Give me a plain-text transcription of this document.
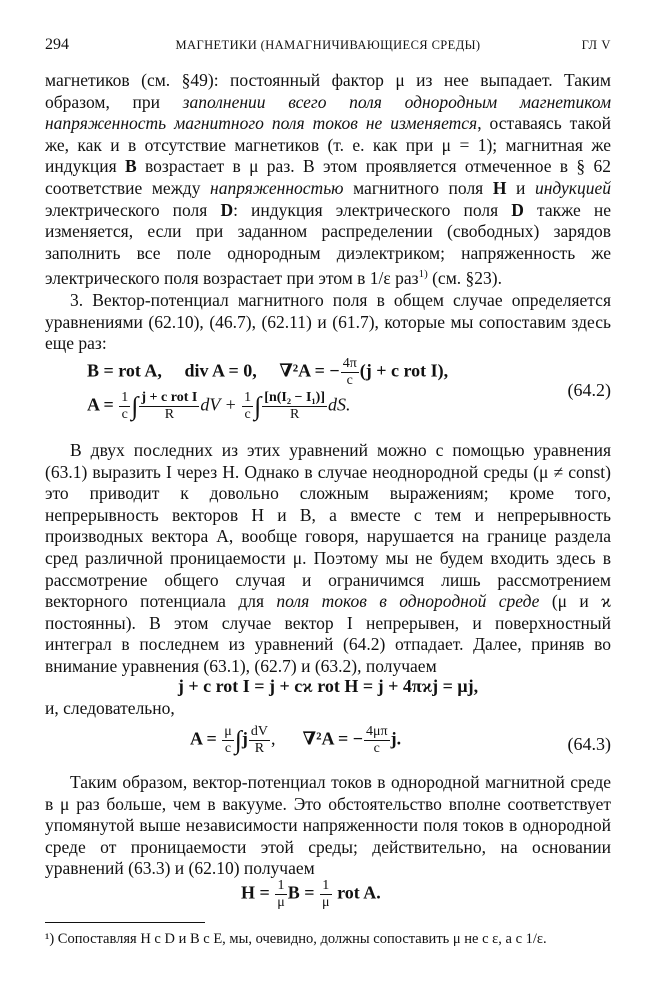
294	МАГНЕТИКИ (НАМАГНИЧИВАЮЩИЕСЯ СРЕДЫ)	ГЛ V

магнетиков (см. §49): постоянный фактор μ из нее выпадает. Таким образом, при заполнении всего поля однородным магнетиком напряженность магнитного поля токов не изменяется, оставаясь такой же, как и в отсутствие магнетиков (т. е. как при μ = 1); магнитная же индукция B возрастает в μ раз. В этом проявляется отмеченное в § 62 соответствие между напряженностью магнитного поля H и индукцией электрического поля D: индукция электрического поля D также не изменяется, если при заданном распределении (свободных) зарядов заполнить все поле однородным диэлектриком; напряженность же электрического поля возрастает при этом в 1/ε раз$^{1)}$ (см. §23).

3. Вектор-потенциал магнитного поля в общем случае определяется уравнениями (62.10), (46.7), (62.11) и (61.7), которые мы сопоставим здесь еще раз:

B = rot A, div A = 0, ∇²A = − $\frac{4\pi}{c} (j + c$ rot I),
$A = \frac{1}{c}$ ∫ $\frac{\text{j + c rot I}}{R}$ dV + $\frac{1}{c}$ ∫ $\frac{\text{[n(I₂ − I₁)]}}{R}$ dS.
(64.2)

В двух последних из этих уравнений можно с помощью уравнения (63.1) выразить I через H. Однако в случае неоднородной среды (μ ≠ const) это приводит к довольно сложным выражениям; кроме того, непрерывность векторов H и B, а вместе с тем и непрерывность производных вектора A, вообще говоря, нарушается на границе раздела сред различной проницаемости μ. Поэтому мы не будем входить здесь в рассмотрение общего случая и ограничимся лишь рассмотрением векторного потенциала для поля токов в однородной среде (μ и ϰ постоянны). В этом случае вектор I непрерывен, и поверхностный интеграл в последнем из уравнений (64.2) отпадает. Далее, приняв во внимание уравнения (63.1), (62.7) и (63.2), получаем

j + c rot I = j + cϰ rot H = j + 4πϰj = μj,

и, следовательно,

$A = \frac{\mu}{c} \int j \frac{dV}{R}$ , ∇²A = − $\frac{4\mu\pi}{c} j$.	(64.3)

Таким образом, вектор-потенциал токов в однородной магнитной среде в μ раз больше, чем в вакууме. Это обстоятельство вполне соответствует упомянутой выше независимости напряженности поля токов в однородной среде от проницаемости этой среды; действительно, на основании уравнений (63.3) и (62.10) получаем

$H = \frac{1}{\mu}$ $B = \frac{1}{\mu}$ rot A.
¹) Сопоставляя H с D и B с E, мы, очевидно, должны сопоставить μ не с ε, а с 1/ε.
